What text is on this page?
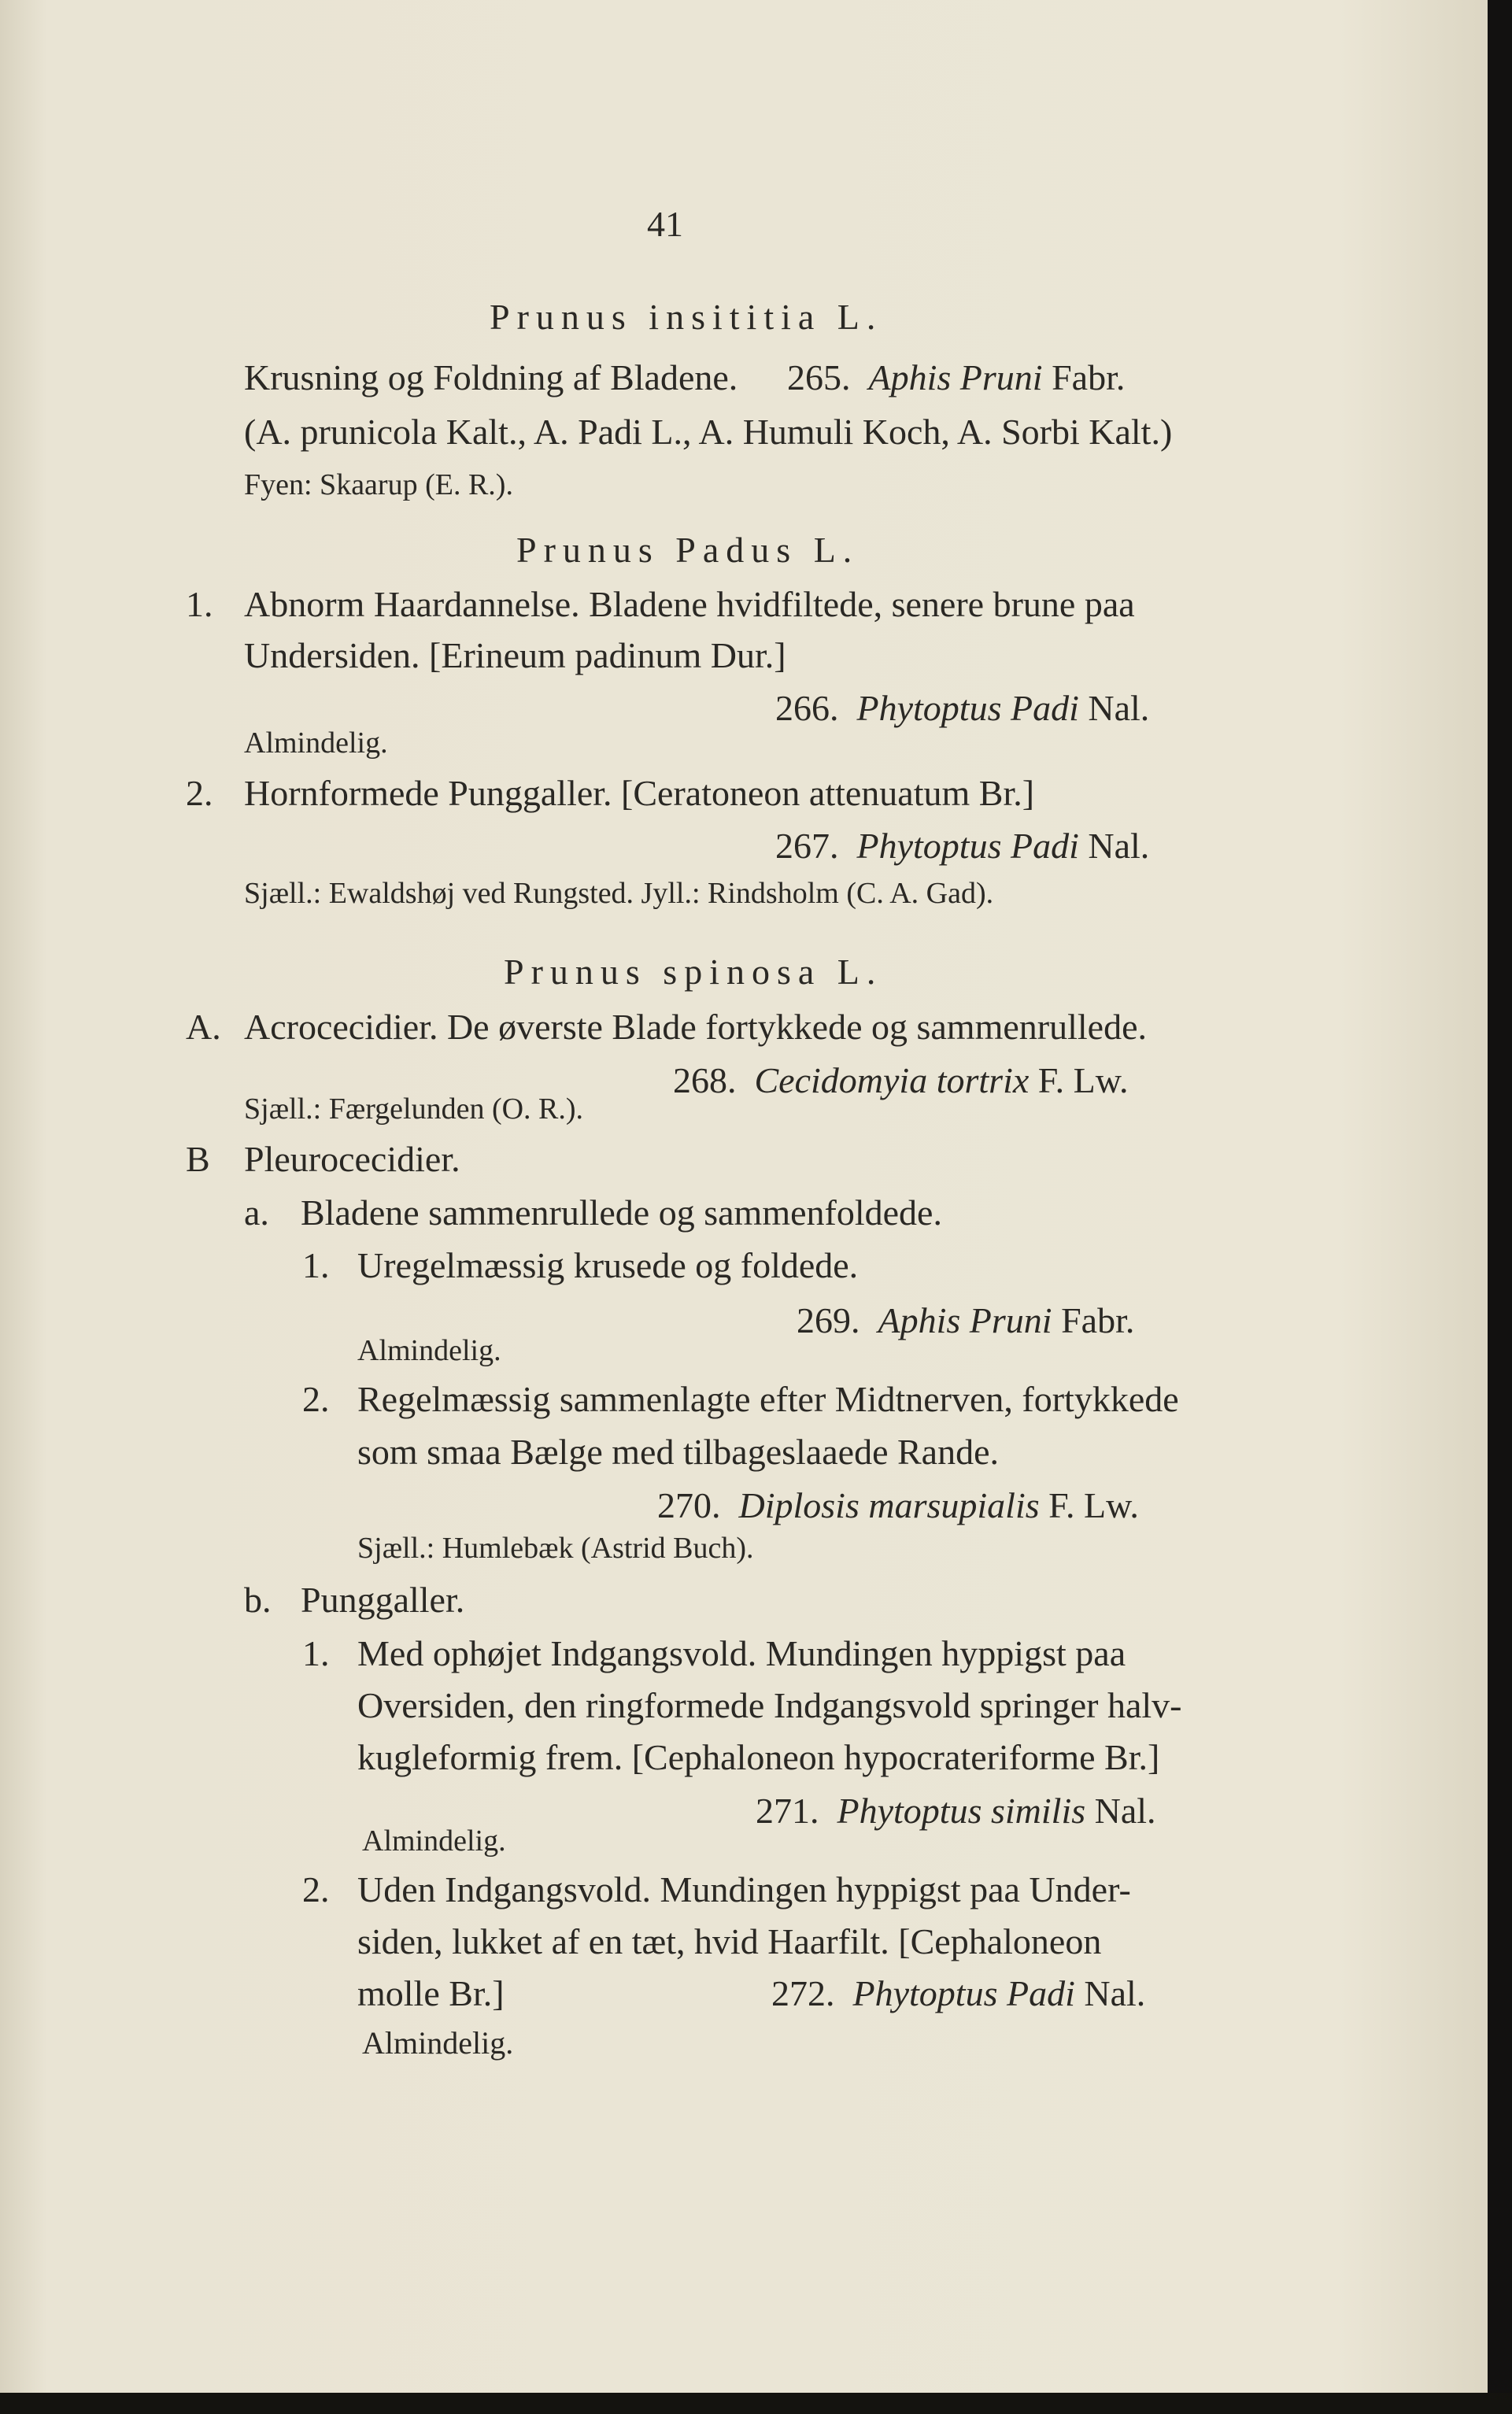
41
Prunus insititia L.
Krusning og Foldning af Bladene. 265. Aphis Pruni Fabr.
(A. prunicola Kalt., A. Padi L., A. Humuli Koch, A. Sorbi Kalt.)
Fyen: Skaarup (E. R.).
Prunus Padus L.
1. Abnorm Haardannelse. Bladene hvidfiltede, senere brune paa
Undersiden. [Erineum padinum Dur.]
266. Phytoptus Padi Nal.
Almindelig.
2. Hornformede Punggaller. [Ceratoneon attenuatum Br.]
267. Phytoptus Padi Nal.
Sjæll.: Ewaldshøj ved Rungsted. Jyll.: Rindsholm (C. A. Gad).
Prunus spinosa L.
A. Acrocecidier. De øverste Blade fortykkede og sammenrullede.
268. Cecidomyia tortrix F. Lw.
Sjæll.: Færgelunden (O. R.).
B Pleurocecidier.
a. Bladene sammenrullede og sammenfoldede.
1. Uregelmæssig krusede og foldede.
269. Aphis Pruni Fabr.
Almindelig.
2. Regelmæssig sammenlagte efter Midtnerven, fortykkede
som smaa Bælge med tilbageslaaede Rande.
270. Diplosis marsupialis F. Lw.
Sjæll.: Humlebæk (Astrid Buch).
b. Punggaller.
1. Med ophøjet Indgangsvold. Mundingen hyppigst paa
Oversiden, den ringformede Indgangsvold springer halv-
kugleformig frem. [Cephaloneon hypocrateriforme Br.]
271. Phytoptus similis Nal.
Almindelig.
2. Uden Indgangsvold. Mundingen hyppigst paa Under-
siden, lukket af en tæt, hvid Haarfilt. [Cephaloneon
molle Br.]	272. Phytoptus Padi Nal.
Almindelig.
